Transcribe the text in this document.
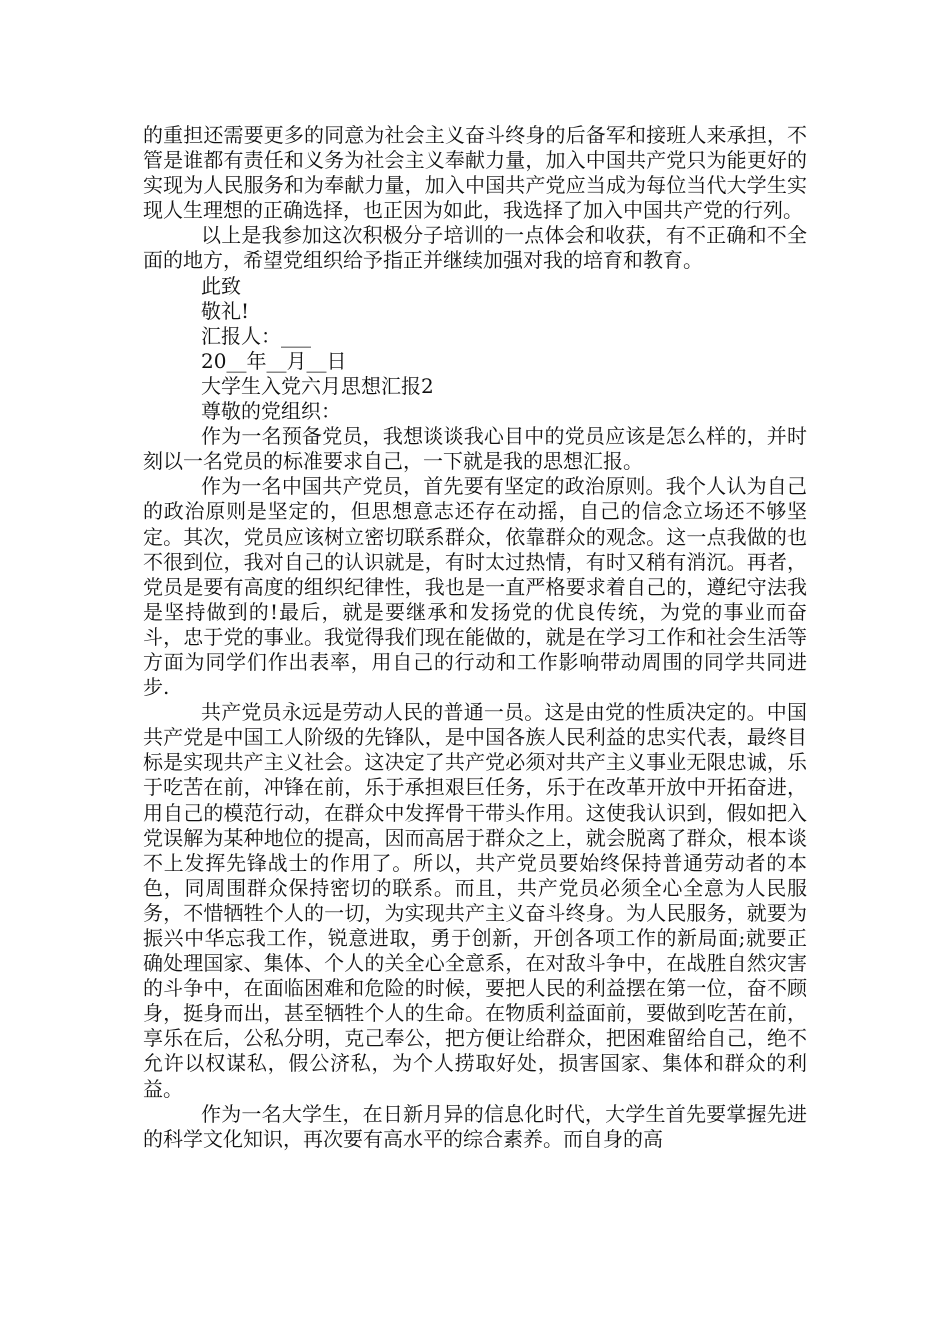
的重担还需要更多的同意为社会主义奋斗终身的后备军和接班人来承担，不管是谁都有责任和义务为社会主义奉献力量，加入中国共产党只为能更好的实现为人民服务和为奉献力量，加入中国共产党应当成为每位当代大学生实现人生理想的正确选择，也正因为如此，我选择了加入中国共产党的行列。

以上是我参加这次积极分子培训的一点体会和收获，有不正确和不全面的地方，希望党组织给予指正并继续加强对我的培育和教育。

此致

敬礼!

汇报人：___

20__年__月__日

大学生入党六月思想汇报2

尊敬的党组织：

作为一名预备党员，我想谈谈我心目中的党员应该是怎么样的，并时刻以一名党员的标准要求自己，一下就是我的思想汇报。

作为一名中国共产党员，首先要有坚定的政治原则。我个人认为自己的政治原则是坚定的，但思想意志还存在动摇，自己的信念立场还不够坚定。其次，党员应该树立密切联系群众，依靠群众的观念。这一点我做的也不很到位，我对自己的认识就是，有时太过热情，有时又稍有消沉。再者，党员是要有高度的组织纪律性，我也是一直严格要求着自己的，遵纪守法我是坚持做到的!最后，就是要继承和发扬党的优良传统，为党的事业而奋斗，忠于党的事业。我觉得我们现在能做的，就是在学习工作和社会生活等方面为同学们作出表率，用自己的行动和工作影响带动周围的同学共同进步.

共产党员永远是劳动人民的普通一员。这是由党的性质决定的。中国共产党是中国工人阶级的先锋队，是中国各族人民利益的忠实代表，最终目标是实现共产主义社会。这决定了共产党必须对共产主义事业无限忠诚，乐于吃苦在前，冲锋在前，乐于承担艰巨任务，乐于在改革开放中开拓奋进，用自己的模范行动，在群众中发挥骨干带头作用。这使我认识到，假如把入党误解为某种地位的提高，因而高居于群众之上，就会脱离了群众，根本谈不上发挥先锋战士的作用了。所以，共产党员要始终保持普通劳动者的本色，同周围群众保持密切的联系。而且，共产党员必须全心全意为人民服务，不惜牺牲个人的一切，为实现共产主义奋斗终身。为人民服务，就要为振兴中华忘我工作，锐意进取，勇于创新，开创各项工作的新局面;就要正确处理国家、集体、个人的关全心全意系，在对敌斗争中，在战胜自然灾害的斗争中，在面临困难和危险的时候，要把人民的利益摆在第一位，奋不顾身，挺身而出，甚至牺牲个人的生命。在物质利益面前，要做到吃苦在前，享乐在后，公私分明，克己奉公，把方便让给群众，把困难留给自己，绝不允许以权谋私，假公济私，为个人捞取好处，损害国家、集体和群众的利益。

作为一名大学生，在日新月异的信息化时代，大学生首先要掌握先进的科学文化知识，再次要有高水平的综合素养。而自身的高
